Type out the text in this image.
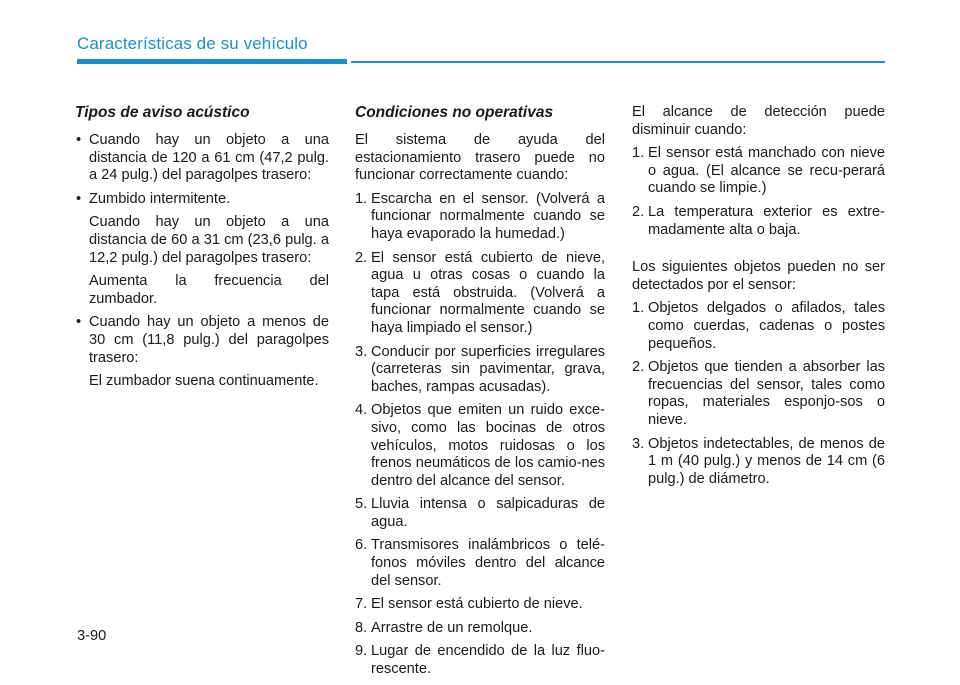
Características de su vehículo
Tipos de aviso acústico
• Cuando hay un objeto a una distancia de 120 a 61 cm (47,2 pulg. a 24 pulg.) del paragolpes trasero:
• Zumbido intermitente.
Cuando hay un objeto a una distancia de 60 a 31 cm (23,6 pulg. a 12,2 pulg.) del paragolpes trasero:
Aumenta la frecuencia del zumbador.
• Cuando hay un objeto a menos de 30 cm (11,8 pulg.) del paragolpes trasero:
El zumbador suena continuamente.
Condiciones no operativas
El sistema de ayuda del estacionamiento trasero puede no funcionar correctamente cuando:
1. Escarcha en el sensor. (Volverá a funcionar normalmente cuando se haya evaporado la humedad.)
2. El sensor está cubierto de nieve, agua u otras cosas o cuando la tapa está obstruida. (Volverá a funcionar normalmente cuando se haya limpiado el sensor.)
3. Conducir por superficies irregulares (carreteras sin pavimentar, grava, baches, rampas acusadas).
4. Objetos que emiten un ruido exce-sivo, como las bocinas de otros vehículos, motos ruidosas o los frenos neumáticos de los camio-nes dentro del alcance del sensor.
5. Lluvia intensa o salpicaduras de agua.
6. Transmisores inalámbricos o telé-fonos móviles dentro del alcance del sensor.
7. El sensor está cubierto de nieve.
8. Arrastre de un remolque.
9. Lugar de encendido de la luz fluo-rescente.
El alcance de detección puede disminuir cuando:
1. El sensor está manchado con nieve o agua. (El alcance se recu-perará cuando se limpie.)
2. La temperatura exterior es extre-madamente alta o baja.
Los siguientes objetos pueden no ser detectados por el sensor:
1. Objetos delgados o afilados, tales como cuerdas, cadenas o postes pequeños.
2. Objetos que tienden a absorber las frecuencias del sensor, tales como ropas, materiales esponjo-sos o nieve.
3. Objetos indetectables, de menos de 1 m (40 pulg.) y menos de 14 cm (6 pulg.) de diámetro.
3-90
